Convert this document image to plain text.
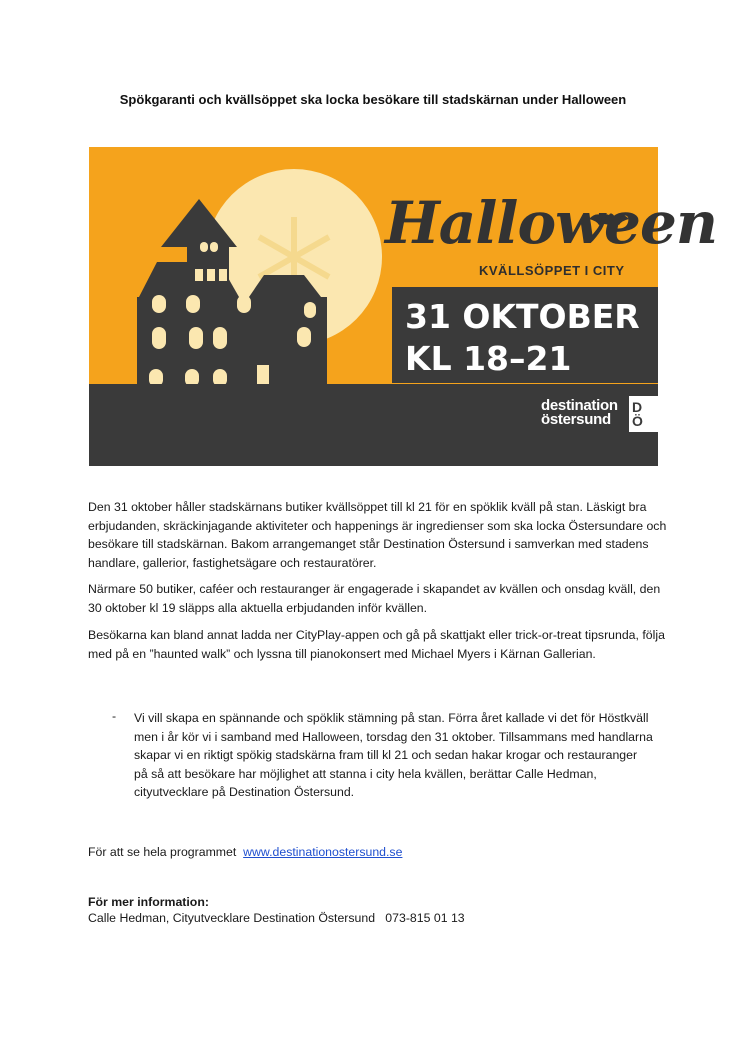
Spökgaranti och kvällsöppet ska locka besökare till stadskärnan under Halloween
Halloween
KVÄLLSÖPPET I CITY
31 OKTOBER
KL 18–21
destination
östersund
D
Ö
Den 31 oktober håller stadskärnans butiker kvällsöppet till kl 21 för en spöklik kväll på stan. Läskigt bra erbjudanden, skräckinjagande aktiviteter och happenings är ingredienser som ska locka Östersundare och besökare till stadskärnan. Bakom arrangemanget står Destination Östersund i samverkan med stadens handlare, gallerior, fastighetsägare och restauratörer.
Närmare 50 butiker, caféer och restauranger är engagerade i skapandet av kvällen och onsdag kväll, den 30 oktober kl 19 släpps alla aktuella erbjudanden inför kvällen.
Besökarna kan bland annat ladda ner CityPlay-appen och gå på skattjakt eller trick-or-treat tipsrunda, följa med på en ”haunted walk” och lyssna till pianokonsert med Michael Myers i Kärnan Gallerian.
- Vi vill skapa en spännande och spöklik stämning på stan. Förra året kallade vi det för Höstkväll men i år kör vi i samband med Halloween, torsdag den 31 oktober. Tillsammans med handlarna skapar vi en riktigt spökig stadskärna fram till kl 21 och sedan hakar krogar och restauranger på så att besökare har möjlighet att stanna i city hela kvällen, berättar Calle Hedman, cityutvecklare på Destination Östersund.
För att se hela programmet www.destinationostersund.se
För mer information:
Calle Hedman, Cityutvecklare Destination Östersund   073-815 01 13
